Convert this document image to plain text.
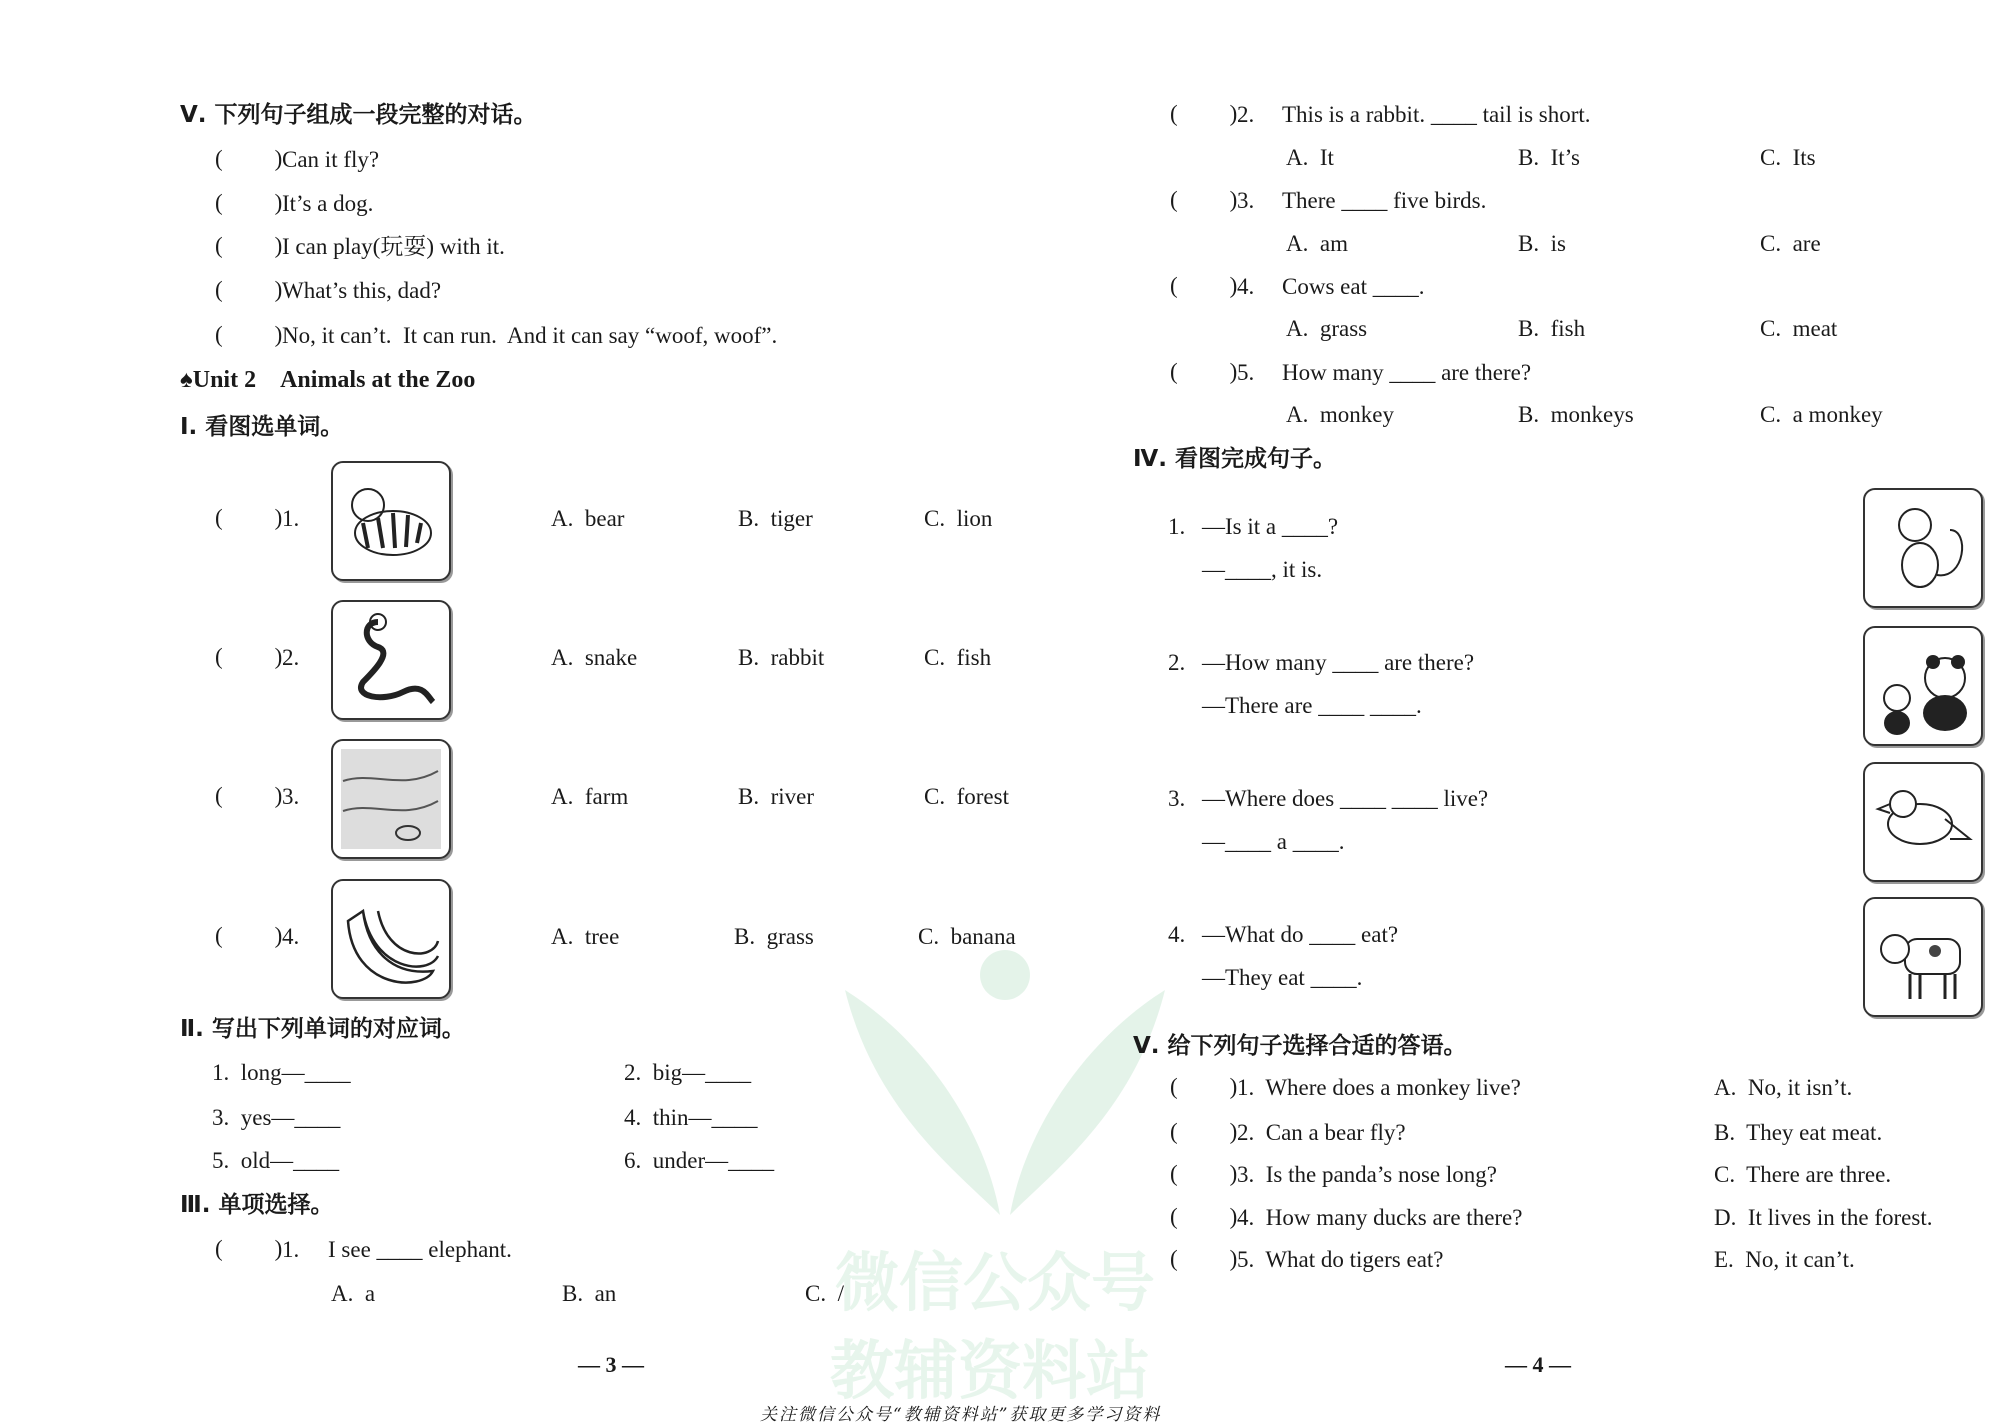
微信公众号
教辅资料站
Ⅴ. 下列句子组成一段完整的对话。
( ) Can it fly?
( ) It’s a dog.
( ) I can play(玩耍) with it.
( ) What’s this, dad?
( ) No, it can’t.  It can run.  And it can say “woof, woof”.
♠Unit 2 Animals at the Zoo
Ⅰ. 看图选单词。
( ) 1.	A.  bear	B.  tiger	C.  lion
( ) 2.	A.  snake	B.  rabbit	C.  fish
( ) 3.	A.  farm	B.  river	C.  forest
( ) 4.	A.  tree	B.  grass	C.  banana
Ⅱ. 写出下列单词的对应词。
1.  long—____	2.  big—____
3.  yes—____	4.  thin—____
5.  old—____	6.  under—____
Ⅲ. 单项选择。
( ) 1. I see ____ elephant.
A.  a	B.  an	C.  /
— 3 —
( ) 2. This is a rabbit. ____ tail is short.
A.  It	B.  It’s	C.  Its
( ) 3. There ____ five birds.
A.  am	B.  is	C.  are
( ) 4. Cows eat ____.
A.  grass	B.  fish	C.  meat
( ) 5. How many ____ are there?
A.  monkey	B.  monkeys	C.  a monkey
Ⅳ. 看图完成句子。
1. —Is it a ____?
—____, it is.
2. —How many ____ are there?
—There are ____ ____.
3. —Where does ____ ____ live?
—____ a ____.
4. —What do ____ eat?
—They eat ____.
Ⅴ. 给下列句子选择合适的答语。
( ) 1.  Where does a monkey live?	A.  No, it isn’t.
( ) 2.  Can a bear fly?	B.  They eat meat.
( ) 3.  Is the panda’s nose long?	C.  There are three.
( ) 4.  How many ducks are there?	D.  It lives in the forest.
( ) 5.  What do tigers eat?	E.  No, it can’t.
— 4 —
关注微信公众号“教辅资料站”获取更多学习资料
